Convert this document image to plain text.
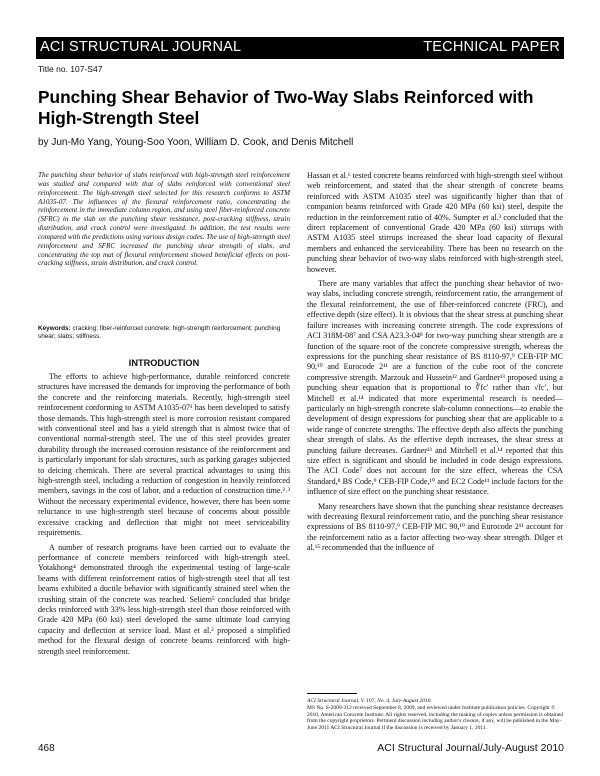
ACI STRUCTURAL JOURNAL	TECHNICAL PAPER
Title no. 107-S47
Punching Shear Behavior of Two-Way Slabs Reinforced with High-Strength Steel
by Jun-Mo Yang, Young-Soo Yoon, William D. Cook, and Denis Mitchell
The punching shear behavior of slabs reinforced with high-strength steel reinforcement was studied and compared with that of slabs reinforced with conventional steel reinforcement. The high-strength steel selected for this research conforms to ASTM A1035-07. The influences of the flexural reinforcement ratio, concentrating the reinforcement in the immediate column region, and using steel fiber-reinforced concrete (SFRC) in the slab on the punching shear resistance, post-cracking stiffness, strain distribution, and crack control were investigated. In addition, the test results were compared with the predictions using various design codes. The use of high-strength steel reinforcement and SFRC increased the punching shear strength of slabs, and concentrating the top mat of flexural reinforcement showed beneficial effects on post-cracking stiffness, strain distribution, and crack control.
Keywords: cracking; fiber-reinforced concrete; high-strength reinforcement; punching shear; slabs; stiffness.
INTRODUCTION

The efforts to achieve high-performance, durable reinforced concrete structures have increased the demands for improving the performance of both the concrete and the reinforcing materials. Recently, high-strength steel reinforcement conforming to ASTM A1035-07¹ has been developed to satisfy those demands. This high-strength steel is more corrosion resistant compared with conventional steel and has a yield strength that is almost twice that of conventional normal-strength steel. The use of this steel provides greater durability through the increased corrosion resistance of the reinforcement and is particularly important for slab structures, such as parking garages subjected to deicing chemicals. There are several practical advantages to using this high-strength steel, including a reduction of congestion in heavily reinforced members, savings in the cost of labor, and a reduction of construction time.²˒³ Without the necessary experimental evidence, however, there has been some reluctance to use high-strength steel because of concerns about possible excessive cracking and deflection that might not meet serviceability requirements.

A number of research programs have been carried out to evaluate the performance of concrete members reinforced with high-strength steel. Yotakhong⁴ demonstrated through the experimental testing of large-scale beams with different reinforcement ratios of high-strength steel that all test beams exhibited a ductile behavior with significantly strained steel when the crushing strain of the concrete was reached. Seliem⁵ concluded that bridge decks reinforced with 33% less high-strength steel than those reinforced with Grade 420 MPa (60 ksi) steel developed the same ultimate load carrying capacity and deflection at service load. Mast et al.² proposed a simplified method for the flexural design of concrete beams reinforced with high-strength steel reinforcement.

Hassan et al.⁶ tested concrete beams reinforced with high-strength steel without web reinforcement, and stated that the shear strength of concrete beams reinforced with ASTM A1035 steel was significantly higher than that of companion beams reinforced with Grade 420 MPa (60 ksi) steel, despite the reduction in the reinforcement ratio of 40%. Sumpter et al.³ concluded that the direct replacement of conventional Grade 420 MPa (60 ksi) stirrups with ASTM A1035 steel stirrups increased the shear load capacity of flexural members and enhanced the serviceability. There has been no research on the punching shear behavior of two-way slabs reinforced with high-strength steel, however.

There are many variables that affect the punching shear behavior of two-way slabs, including concrete strength, reinforcement ratio, the arrangement of the flexural reinforcement, the use of fiber-reinforced concrete (FRC), and effective depth (size effect). It is obvious that the shear stress at punching shear failure increases with increasing concrete strength. The code expressions of ACI 318M-08⁷ and CSA A23.3-04⁸ for two-way punching shear strength are a function of the square root of the concrete compressive strength, whereas the expressions for the punching shear resistance of BS 8110-97,⁹ CEB-FIP MC 90,¹⁰ and Eurocode 2¹¹ are a function of the cube root of the concrete compressive strength. Marzouk and Hussein¹² and Gardner¹³ proposed using a punching shear equation that is proportional to ∛fc′ rather than √fc′, but Mitchell et al.¹⁴ indicated that more experimental research is needed—particularly on high-strength concrete slab-column connections—to enable the development of design expressions for punching shear that are applicable to a wide range of concrete strengths. The effective depth also affects the punching shear strength of slabs. As the effective depth increases, the shear stress at punching failure decreases. Gardner¹³ and Mitchell et al.¹⁴ reported that this size effect is significant and should be included in code design expressions. The ACI Code⁷ does not account for the size effect, whereas the CSA Standard,⁸ BS Code,⁹ CEB-FIP Code,¹⁰ and EC2 Code¹¹ include factors for the influence of size effect on the punching shear resistance.

Many researchers have shown that the punching shear resistance decreases with decreasing flexural reinforcement ratio, and the punching shear resistance expressions of BS 8110-97,⁹ CEB-FIP MC 90,¹⁰ and Eurocode 2¹¹ account for the reinforcement ratio as a factor affecting two-way shear strength. Dilger et al.¹⁵ recommended that the influence of

ACI Structural Journal, V. 107, No. 4, July-August 2010.
MS No. S-2009-312 received September 8, 2009, and reviewed under Institute publication policies. Copyright © 2010, American Concrete Institute. All rights reserved, including the making of copies unless permission is obtained from the copyright proprietors. Pertinent discussion including author's closure, if any, will be published in the May-June 2011 ACI Structural Journal if the discussion is received by January 1, 2011.
468	ACI Structural Journal/July-August 2010
